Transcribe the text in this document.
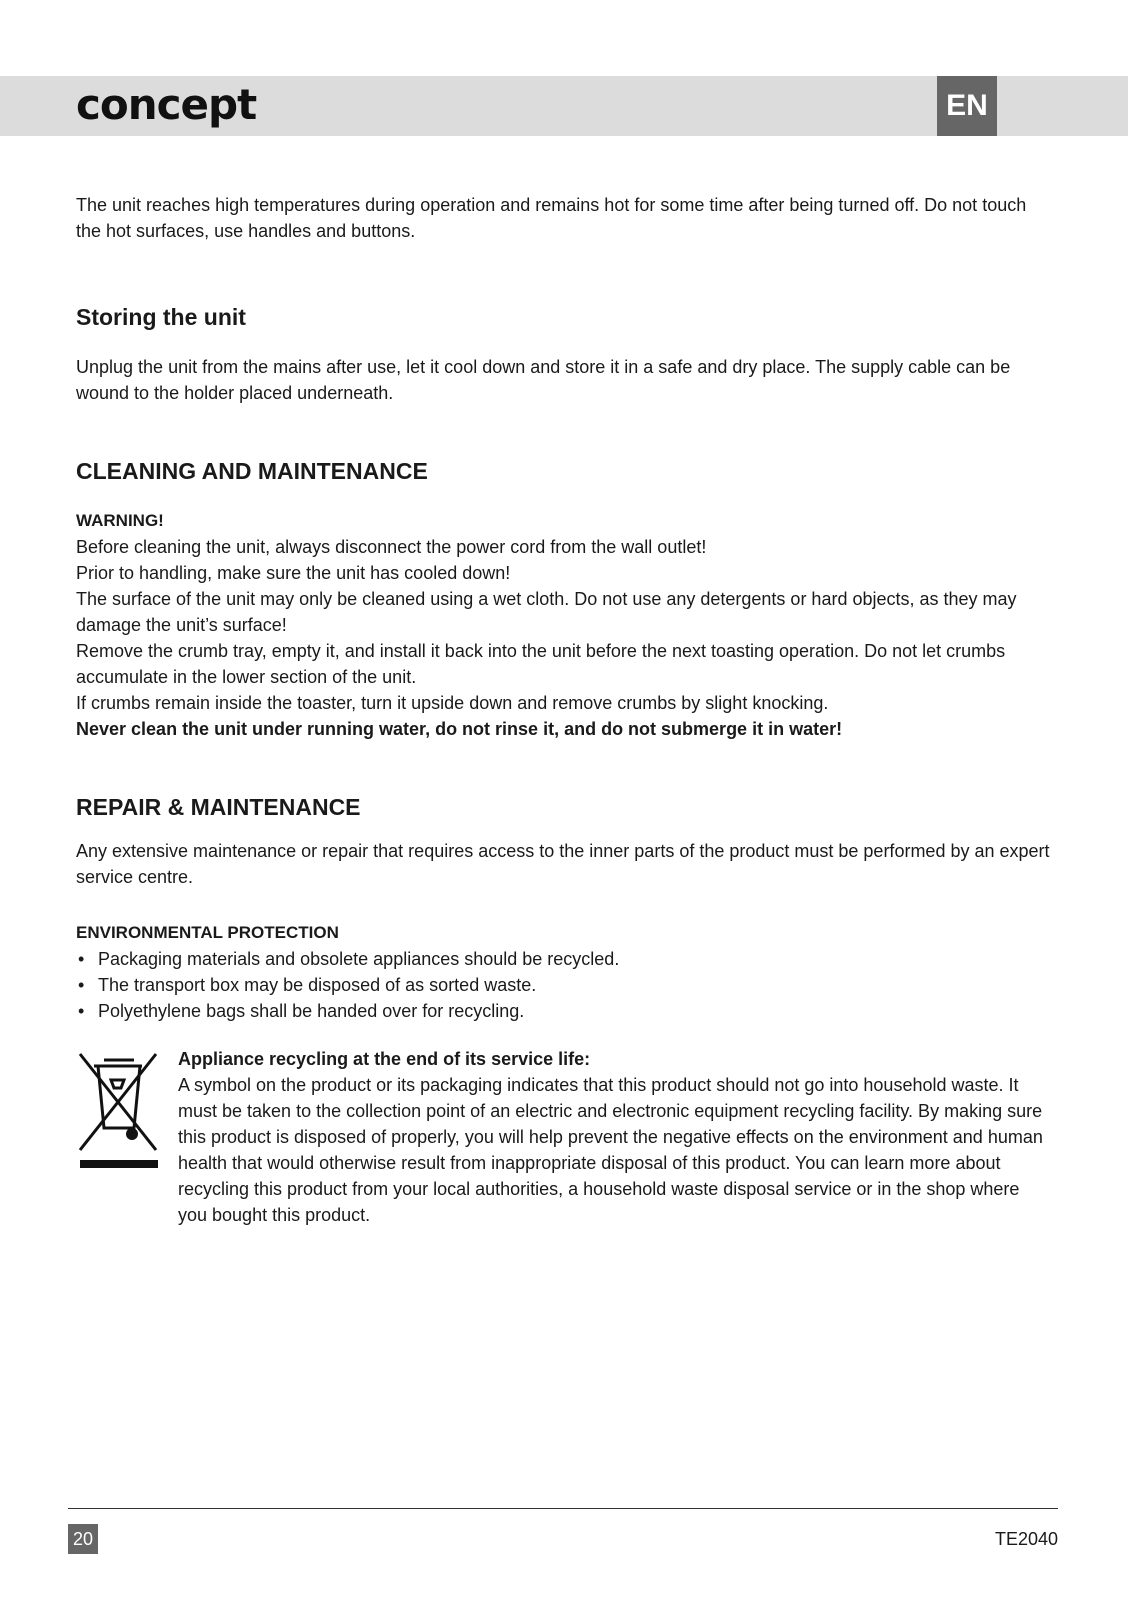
concept	EN

The unit reaches high temperatures during operation and remains hot for some time after being turned off. Do not touch the hot surfaces, use handles and buttons.

Storing the unit

Unplug the unit from the mains after use, let it cool down and store it in a safe and dry place. The supply cable can be wound to the holder placed underneath.

CLEANING AND MAINTENANCE

WARNING!

Before cleaning the unit, always disconnect the power cord from the wall outlet!

Prior to handling, make sure the unit has cooled down!

The surface of the unit may only be cleaned using a wet cloth. Do not use any detergents or hard objects, as they may damage the unit’s surface!

Remove the crumb tray, empty it, and install it back into the unit before the next toasting operation. Do not let crumbs accumulate in the lower section of the unit.

If crumbs remain inside the toaster, turn it upside down and remove crumbs by slight knocking.

Never clean the unit under running water, do not rinse it, and do not submerge it in water!

REPAIR & MAINTENANCE

Any extensive maintenance or repair that requires access to the inner parts of the product must be performed by an expert service centre.

ENVIRONMENTAL PROTECTION

• Packaging materials and obsolete appliances should be recycled.
• The transport box may be disposed of as sorted waste.
• Polyethylene bags shall be handed over for recycling.

Appliance recycling at the end of its service life:

A symbol on the product or its packaging indicates that this product should not go into household waste. It must be taken to the collection point of an electric and electronic equipment recycling facility. By making sure this product is disposed of properly, you will help prevent the negative effects on the environment and human health that would otherwise result from inappropriate disposal of this product. You can learn more about recycling this product from your local authorities, a household waste disposal service or in the shop where you bought this product.

20	TE2040
